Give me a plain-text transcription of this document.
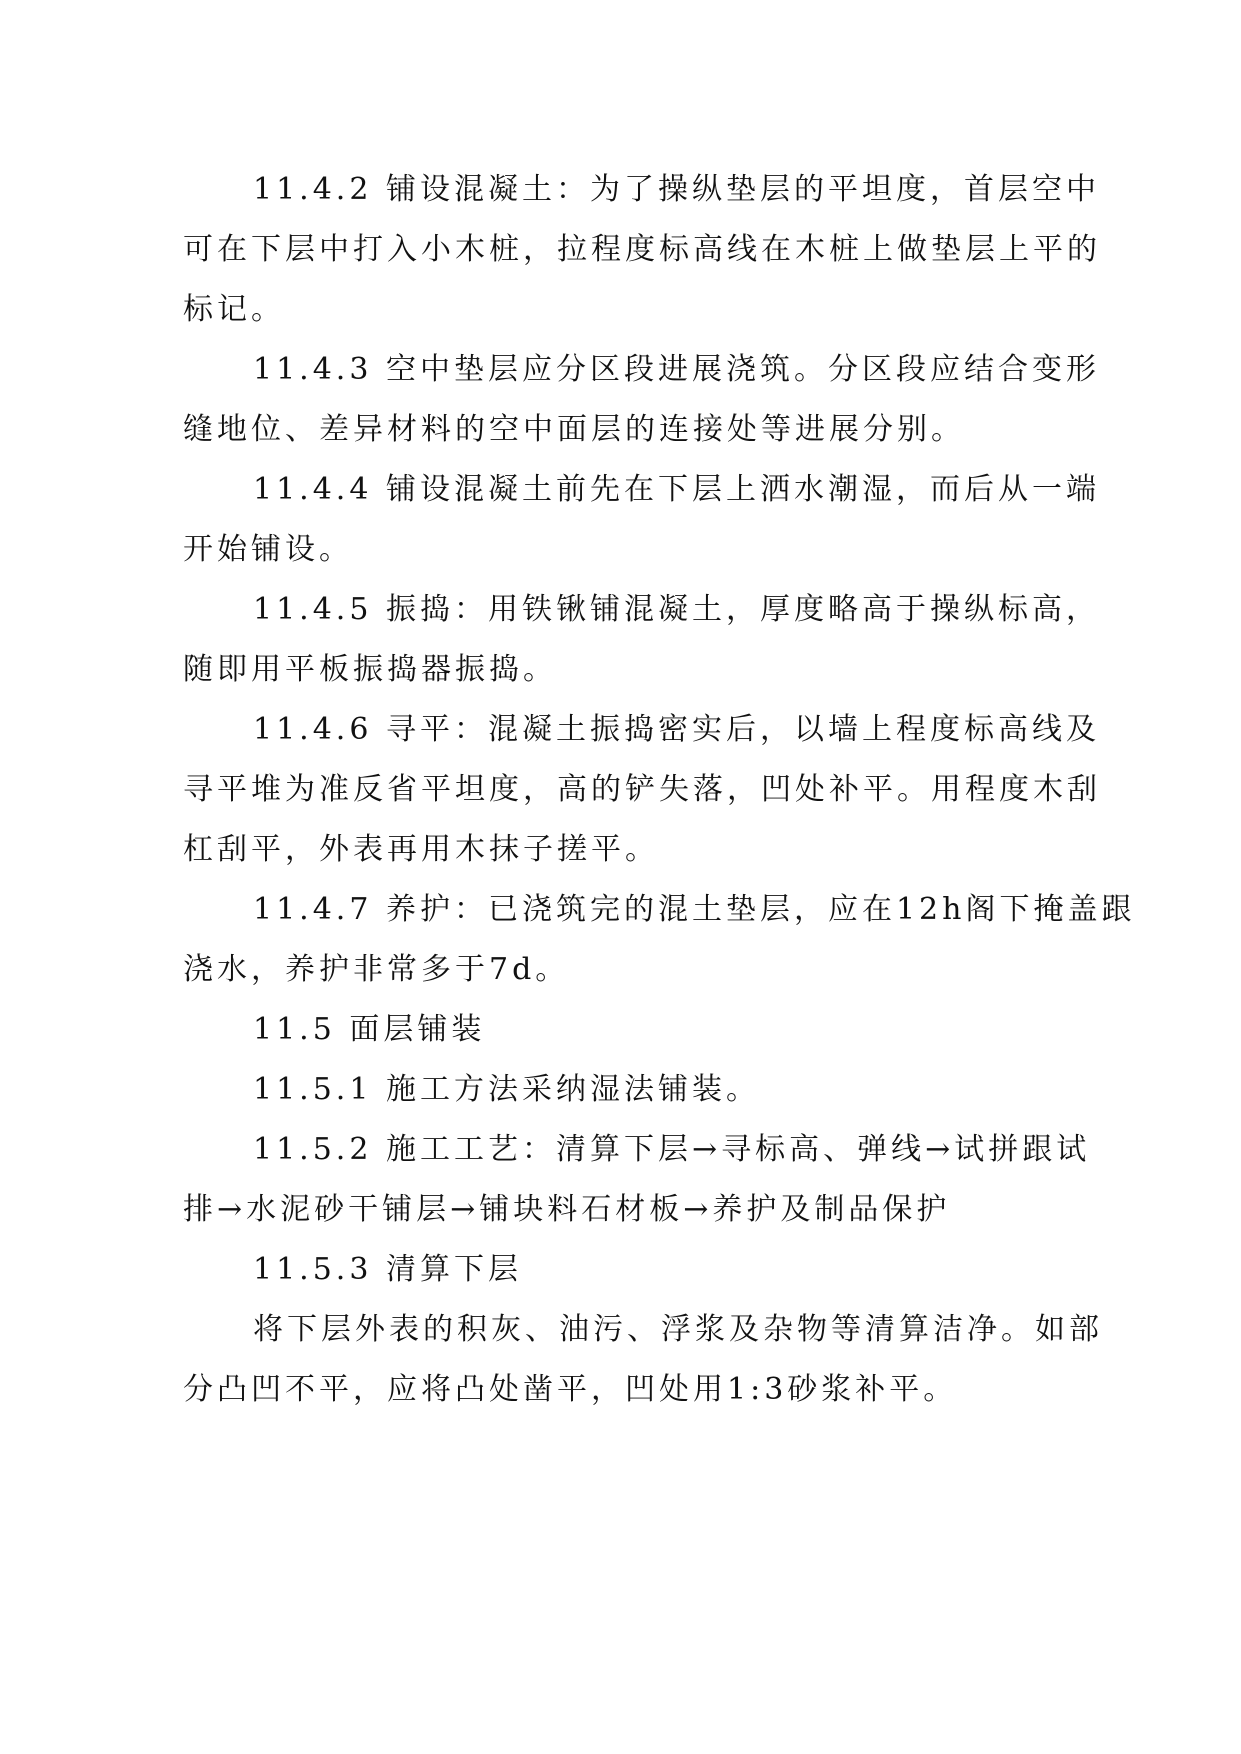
11.4.2 铺设混凝土：为了操纵垫层的平坦度，首层空中
可在下层中打入小木桩，拉程度标高线在木桩上做垫层上平的
标记。

11.4.3 空中垫层应分区段进展浇筑。分区段应结合变形
缝地位、差异材料的空中面层的连接处等进展分别。

11.4.4 铺设混凝土前先在下层上洒水潮湿，而后从一端
开始铺设。

11.4.5 振捣：用铁锹铺混凝土，厚度略高于操纵标高，
随即用平板振捣器振捣。

11.4.6 寻平：混凝土振捣密实后，以墙上程度标高线及
寻平堆为准反省平坦度，高的铲失落，凹处补平。用程度木刮
杠刮平，外表再用木抹子搓平。

11.4.7 养护：已浇筑完的混土垫层，应在12h阁下掩盖跟
浇水，养护非常多于7d。

11.5 面层铺装

11.5.1 施工方法采纳湿法铺装。

11.5.2 施工工艺：清算下层→寻标高、弹线→试拼跟试
排→水泥砂干铺层→铺块料石材板→养护及制品保护

11.5.3 清算下层

将下层外表的积灰、油污、浮浆及杂物等清算洁净。如部
分凸凹不平，应将凸处凿平，凹处用1:3砂浆补平。
